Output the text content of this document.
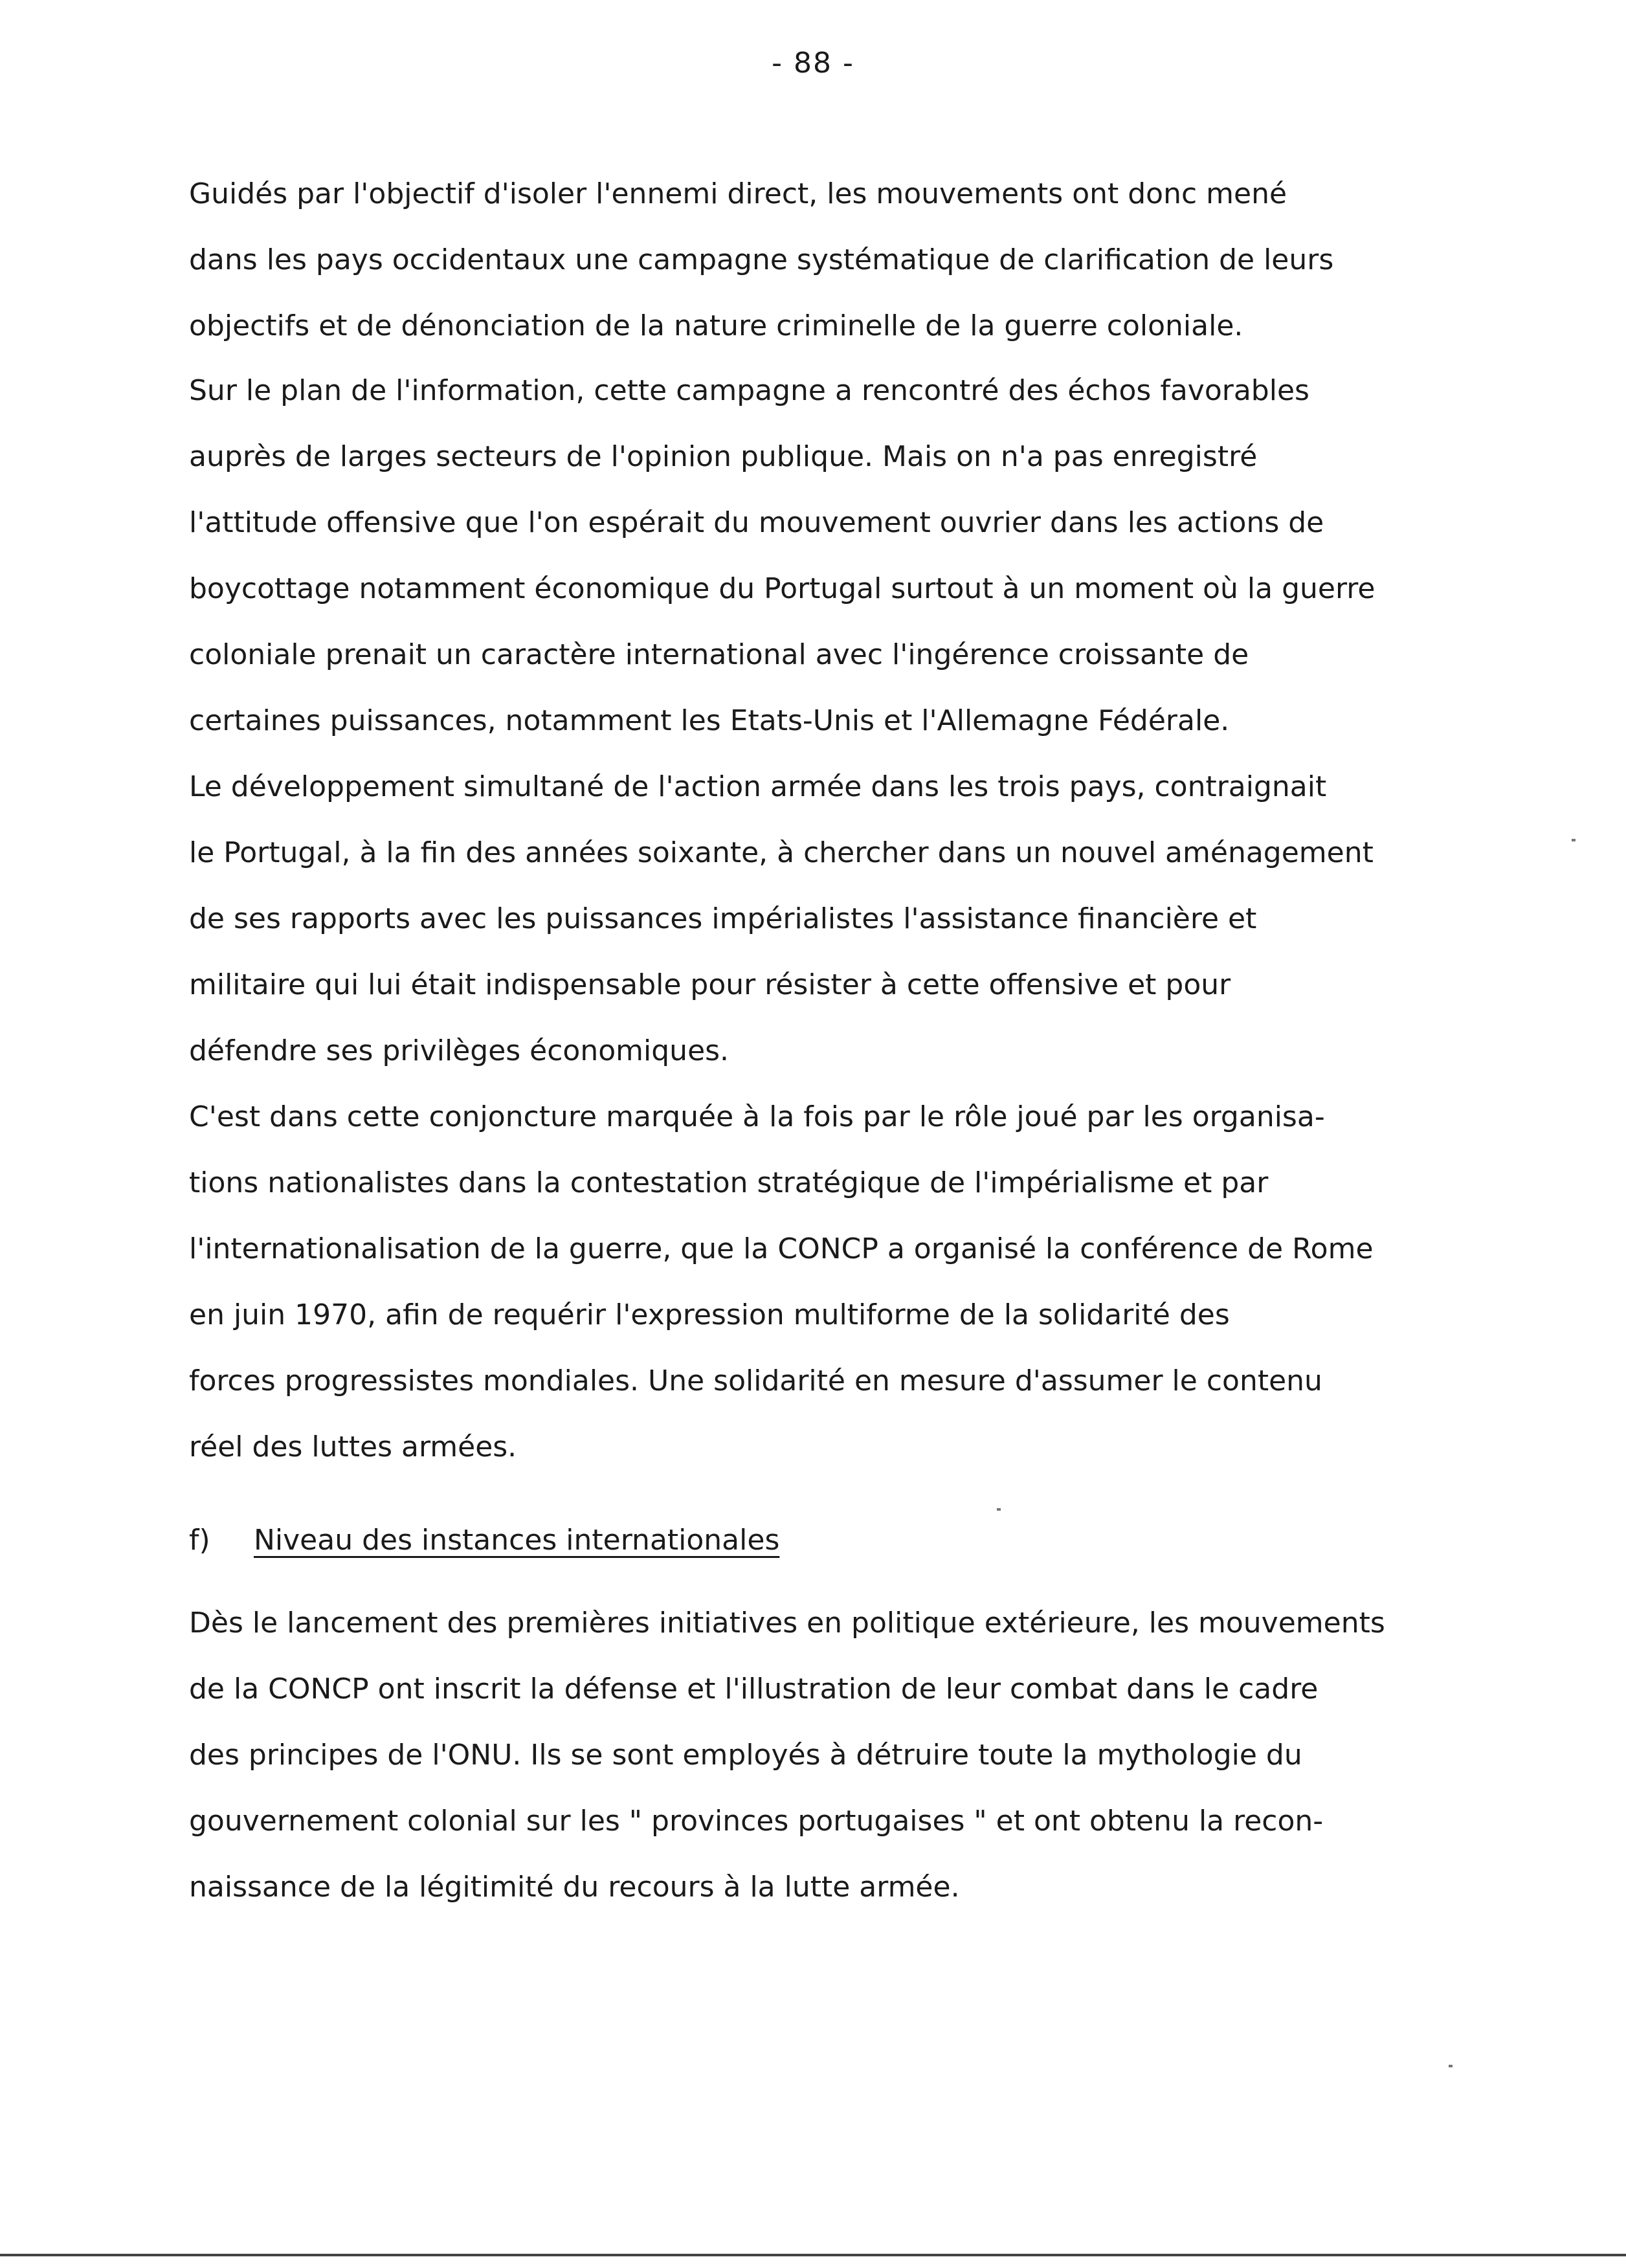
- 88 -
Guidés par l'objectif d'isoler l'ennemi direct, les mouvements ont donc mené
dans les pays occidentaux une campagne systématique de clarification de leurs
objectifs et de dénonciation de la nature criminelle de la guerre coloniale.
Sur le plan de l'information, cette campagne a rencontré des échos favorables
auprès de larges secteurs de l'opinion publique. Mais on n'a pas enregistré
l'attitude offensive que l'on espérait du mouvement ouvrier dans les actions de
boycottage notamment économique du Portugal surtout à un moment où la guerre
coloniale prenait un caractère international avec l'ingérence croissante de
certaines puissances, notamment les Etats-Unis et l'Allemagne Fédérale.
Le développement simultané de l'action armée dans les trois pays, contraignait
le Portugal, à la fin des années soixante, à chercher dans un nouvel aménagement
de ses rapports avec les puissances impérialistes l'assistance financière et
militaire qui lui était indispensable pour résister à cette offensive et pour
défendre ses privilèges économiques.
C'est dans cette conjoncture marquée à la fois par le rôle joué par les organisa-
tions nationalistes dans la contestation stratégique de l'impérialisme et par
l'internationalisation de la guerre, que la CONCP a organisé la conférence de Rome
en juin 1970, afin de requérir l'expression multiforme de la solidarité des
forces progressistes mondiales. Une solidarité en mesure d'assumer le contenu
réel des luttes armées.
f) Niveau des instances internationales
Dès le lancement des premières initiatives en politique extérieure, les mouvements
de la CONCP ont inscrit la défense et l'illustration de leur combat dans le cadre
des principes de l'ONU. Ils se sont employés à détruire toute la mythologie du
gouvernement colonial sur les " provinces portugaises " et ont obtenu la recon-
naissance de la légitimité du recours à la lutte armée.
